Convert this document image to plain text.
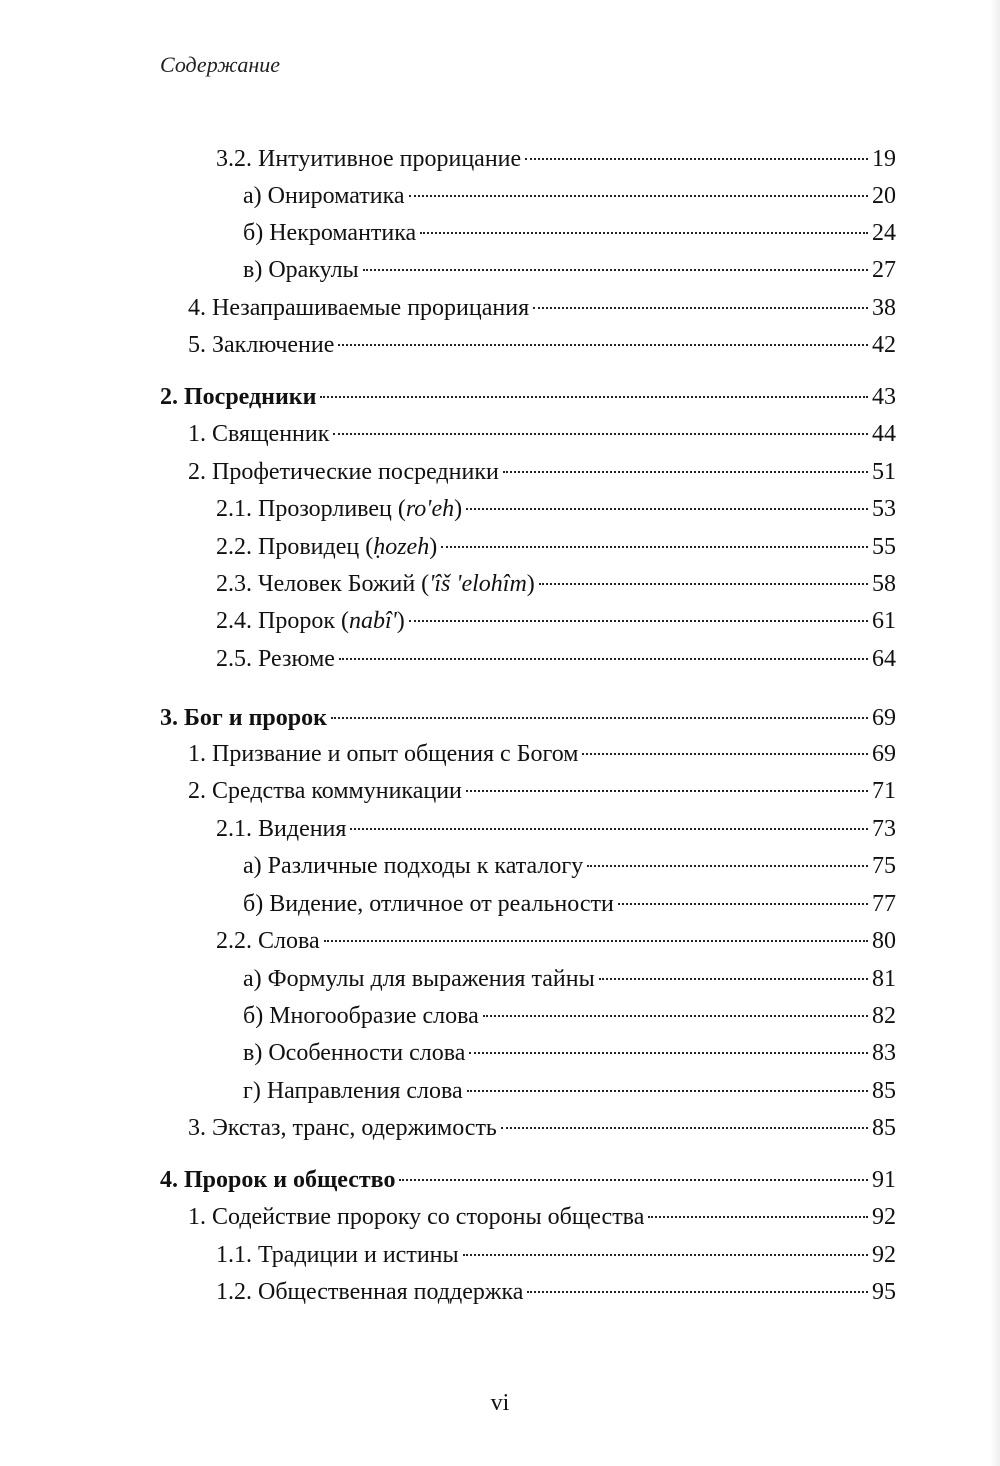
Содержание
3.2. Интуитивное прорицание	19
а) Онироматика	20
б) Некромантика	24
в) Оракулы	27
4. Незапрашиваемые прорицания	38
5. Заключение	42
2. Посредники	43
1. Священник	44
2. Профетические посредники	51
2.1. Прозорливец (ro'eh)	53
2.2. Провидец (ḥozeh)	55
2.3. Человек Божий ('îš 'elohîm)	58
2.4. Пророк (nabî')	61
2.5. Резюме	64
3. Бог и пророк	69
1. Призвание и опыт общения с Богом	69
2. Средства коммуникации	71
2.1. Видения	73
а) Различные подходы к каталогу	75
б) Видение, отличное от реальности	77
2.2. Слова	80
а) Формулы для выражения тайны	81
б) Многообразие слова	82
в) Особенности слова	83
г) Направления слова	85
3. Экстаз, транс, одержимость	85
4. Пророк и общество	91
1. Содействие пророку со стороны общества	92
1.1. Традиции и истины	92
1.2. Общественная поддержка	95
vi
